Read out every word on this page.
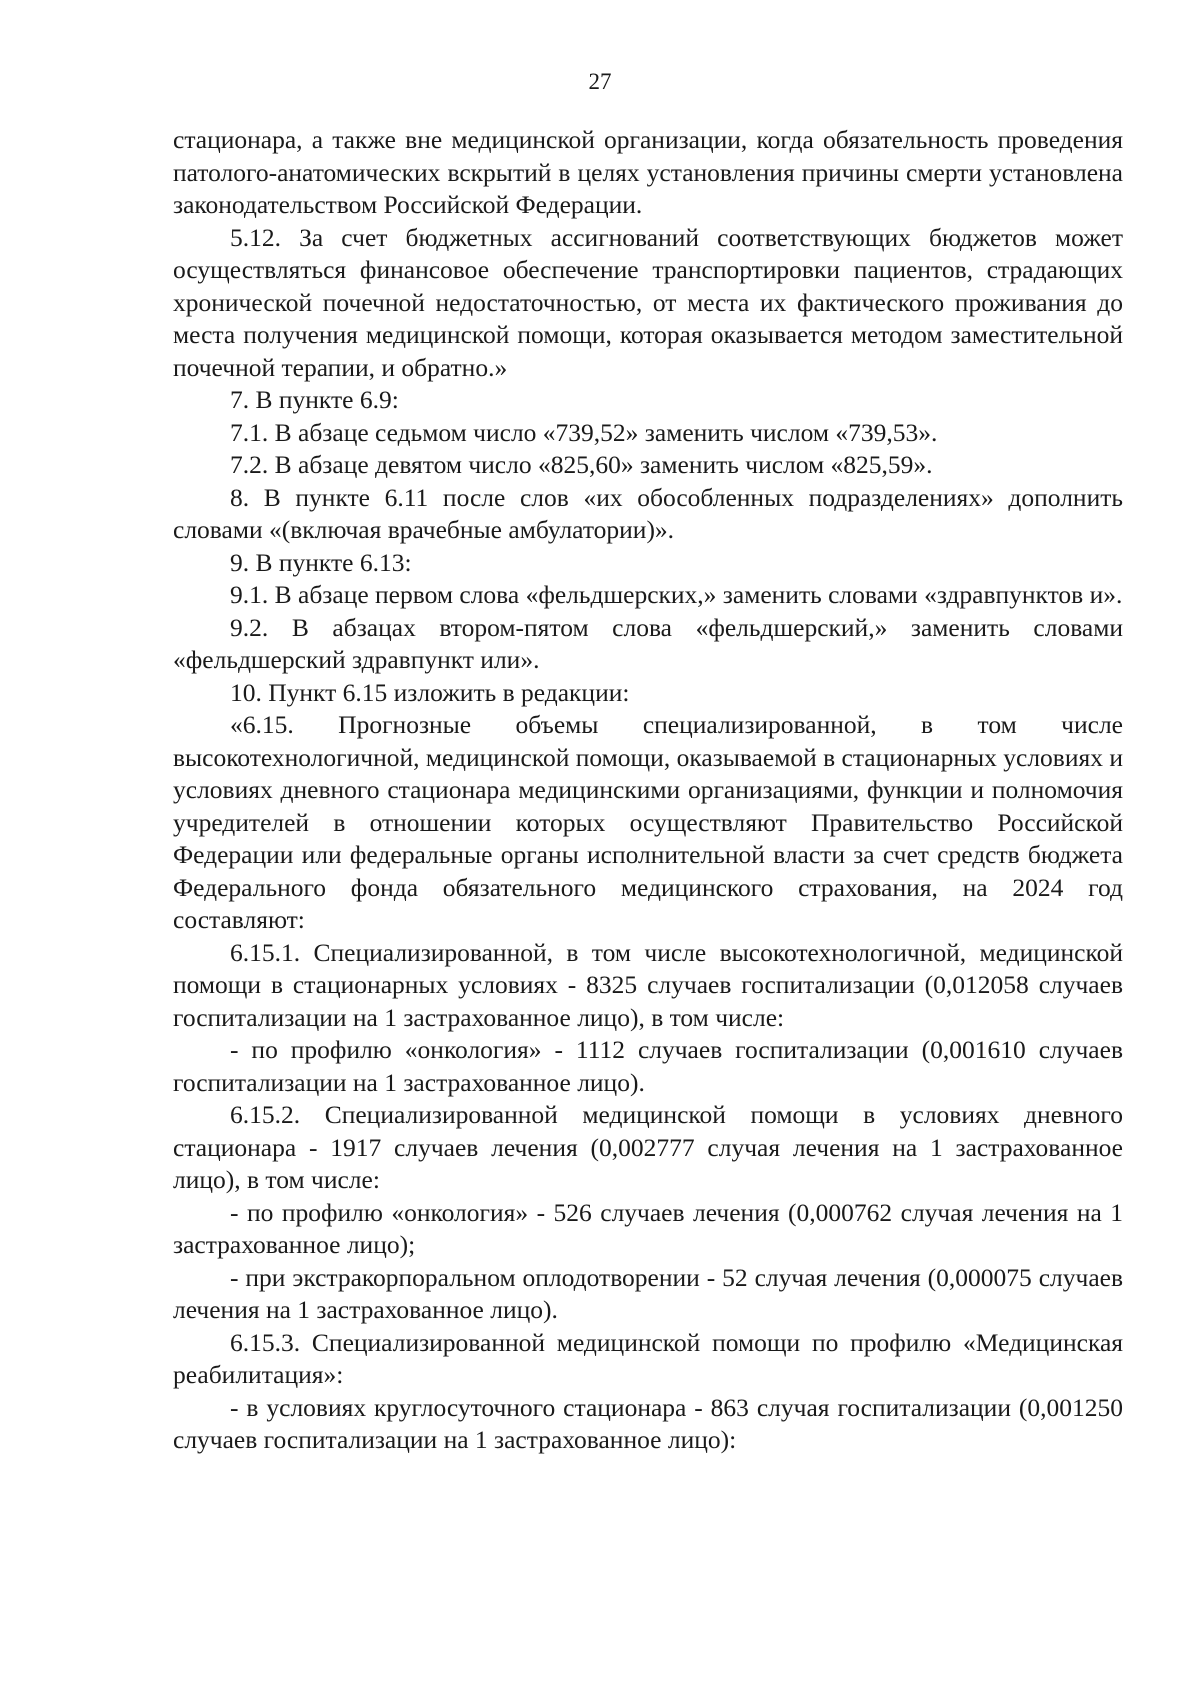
27

стационара, а также вне медицинской организации, когда обязательность проведения патолого-анатомических вскрытий в целях установления причины смерти установлена законодательством Российской Федерации.

5.12. За счет бюджетных ассигнований соответствующих бюджетов может осуществляться финансовое обеспечение транспортировки пациентов, страдающих хронической почечной недостаточностью, от места их фактического проживания до места получения медицинской помощи, которая оказывается методом заместительной почечной терапии, и обратно.»

7. В пункте 6.9:

7.1. В абзаце седьмом число «739,52» заменить числом «739,53».

7.2. В абзаце девятом число «825,60» заменить числом «825,59».

8. В пункте 6.11 после слов «их обособленных подразделениях» дополнить словами «(включая врачебные амбулатории)».

9. В пункте 6.13:

9.1. В абзаце первом слова «фельдшерских,» заменить словами «здравпунктов и».

9.2. В абзацах втором-пятом слова «фельдшерский,» заменить словами «фельдшерский здравпункт или».

10. Пункт 6.15 изложить в редакции:

«6.15. Прогнозные объемы специализированной, в том числе высокотехнологичной, медицинской помощи, оказываемой в стационарных условиях и условиях дневного стационара медицинскими организациями, функции и полномочия учредителей в отношении которых осуществляют Правительство Российской Федерации или федеральные органы исполнительной власти за счет средств бюджета Федерального фонда обязательного медицинского страхования, на 2024 год составляют:

6.15.1. Специализированной, в том числе высокотехнологичной, медицинской помощи в стационарных условиях - 8325 случаев госпитализации (0,012058 случаев госпитализации на 1 застрахованное лицо), в том числе:

- по профилю «онкология» - 1112 случаев госпитализации (0,001610 случаев госпитализации на 1 застрахованное лицо).

6.15.2. Специализированной медицинской помощи в условиях дневного стационара - 1917 случаев лечения (0,002777 случая лечения на 1 застрахованное лицо), в том числе:

- по профилю «онкология» - 526 случаев лечения (0,000762 случая лечения на 1 застрахованное лицо);

- при экстракорпоральном оплодотворении - 52 случая лечения (0,000075 случаев лечения на 1 застрахованное лицо).

6.15.3. Специализированной медицинской помощи по профилю «Медицинская реабилитация»:

- в условиях круглосуточного стационара - 863 случая госпитализации (0,001250 случаев госпитализации на 1 застрахованное лицо):
